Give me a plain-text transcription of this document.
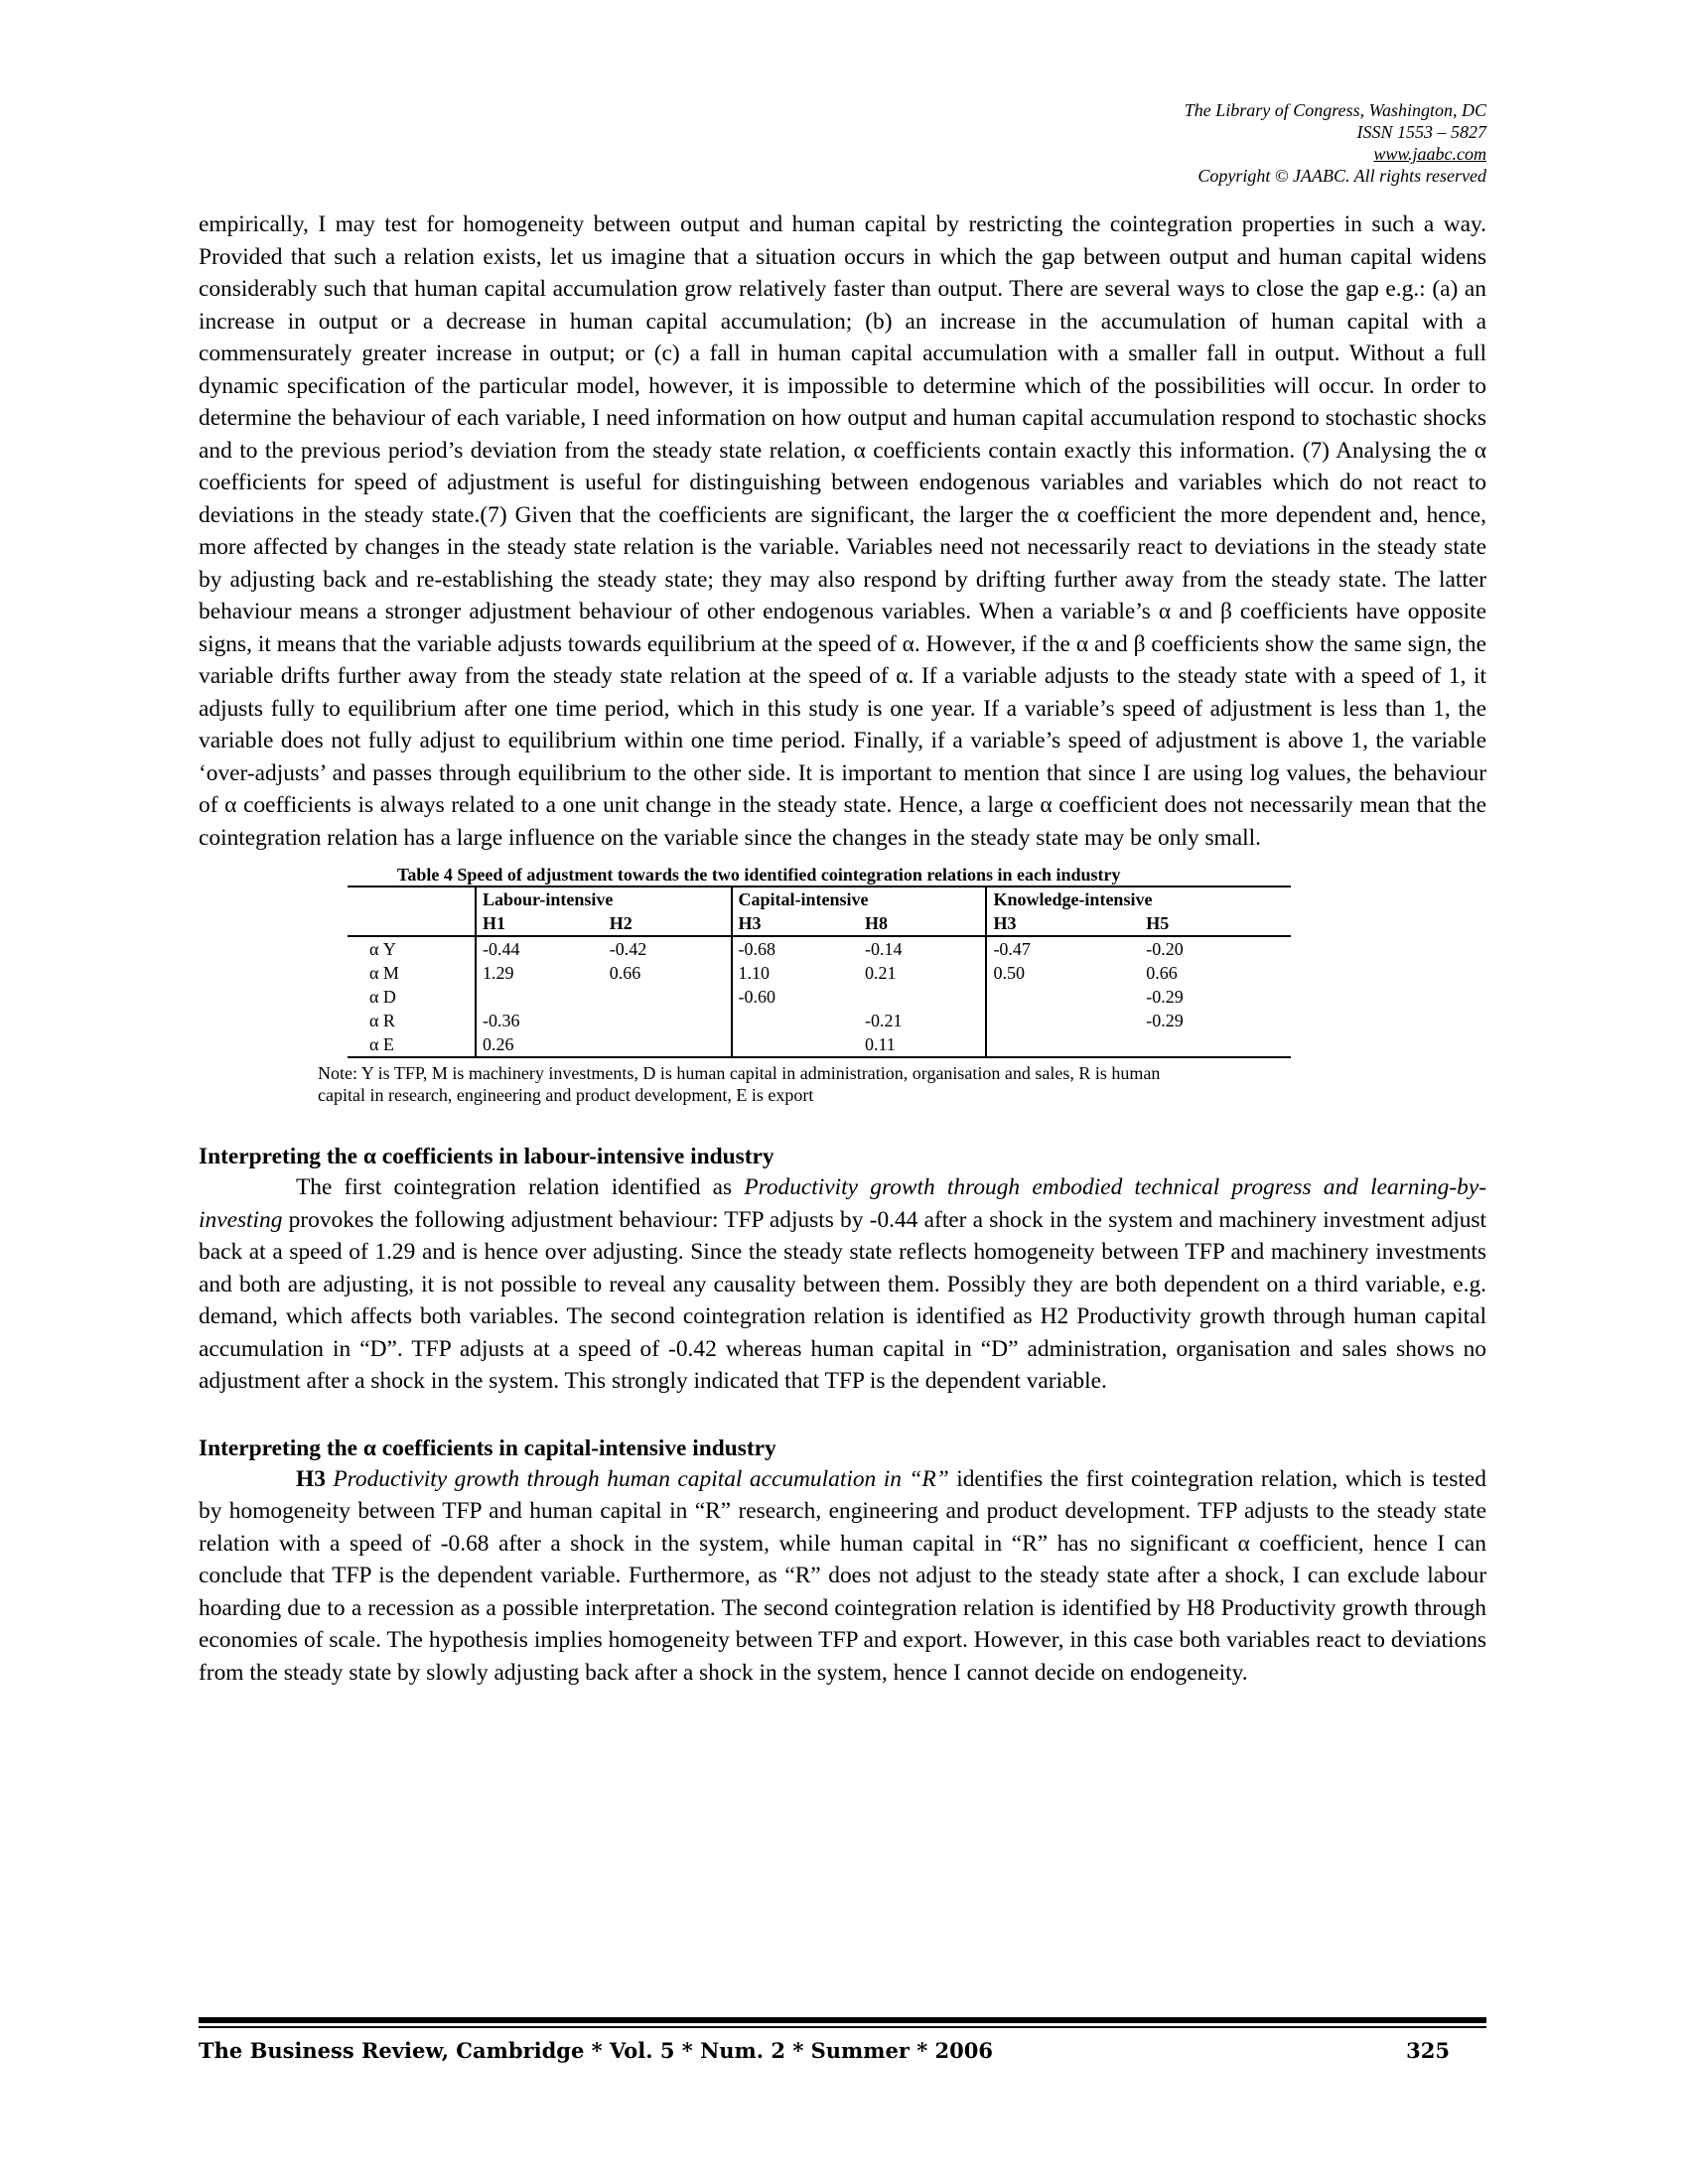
The Library of Congress, Washington, DC
ISSN 1553 – 5827
www.jaabc.com
Copyright © JAABC. All rights reserved

empirically, I may test for homogeneity between output and human capital by restricting the cointegration properties in such a way. Provided that such a relation exists, let us imagine that a situation occurs in which the gap between output and human capital widens considerably such that human capital accumulation grow relatively faster than output. There are several ways to close the gap e.g.: (a) an increase in output or a decrease in human capital accumulation; (b) an increase in the accumulation of human capital with a commensurately greater increase in output; or (c) a fall in human capital accumulation with a smaller fall in output. Without a full dynamic specification of the particular model, however, it is impossible to determine which of the possibilities will occur. In order to determine the behaviour of each variable, I need information on how output and human capital accumulation respond to stochastic shocks and to the previous period’s deviation from the steady state relation, α coefficients contain exactly this information. (7) Analysing the α coefficients for speed of adjustment is useful for distinguishing between endogenous variables and variables which do not react to deviations in the steady state.(7) Given that the coefficients are significant, the larger the α coefficient the more dependent and, hence, more affected by changes in the steady state relation is the variable. Variables need not necessarily react to deviations in the steady state by adjusting back and re-establishing the steady state; they may also respond by drifting further away from the steady state. The latter behaviour means a stronger adjustment behaviour of other endogenous variables. When a variable’s α and β coefficients have opposite signs, it means that the variable adjusts towards equilibrium at the speed of α. However, if the α and β coefficients show the same sign, the variable drifts further away from the steady state relation at the speed of α. If a variable adjusts to the steady state with a speed of 1, it adjusts fully to equilibrium after one time period, which in this study is one year. If a variable’s speed of adjustment is less than 1, the variable does not fully adjust to equilibrium within one time period. Finally, if a variable’s speed of adjustment is above 1, the variable ‘over-adjusts’ and passes through equilibrium to the other side. It is important to mention that since I are using log values, the behaviour of α coefficients is always related to a one unit change in the steady state. Hence, a large α coefficient does not necessarily mean that the cointegration relation has a large influence on the variable since the changes in the steady state may be only small.

Table 4 Speed of adjustment towards the two identified cointegration relations in each industry
	Labour-intensive		Capital-intensive		Knowledge-intensive	
	H1	H2	H3	H8	H3	H5
α Y	-0.44	-0.42	-0.68	-0.14	-0.47	-0.20
α M	1.29	0.66	1.10	0.21	0.50	0.66
α D			-0.60			-0.29
α R	-0.36			-0.21		-0.29
α E	0.26			0.11		
Note: Y is TFP, M is machinery investments, D is human capital in administration, organisation and sales, R is human
capital in research, engineering and product development, E is export
Interpreting the α coefficients in labour-intensive industry

The first cointegration relation identified as Productivity growth through embodied technical progress and learning-by-investing provokes the following adjustment behaviour: TFP adjusts by -0.44 after a shock in the system and machinery investment adjust back at a speed of 1.29 and is hence over adjusting. Since the steady state reflects homogeneity between TFP and machinery investments and both are adjusting, it is not possible to reveal any causality between them. Possibly they are both dependent on a third variable, e.g. demand, which affects both variables. The second cointegration relation is identified as H2 Productivity growth through human capital accumulation in “D”. TFP adjusts at a speed of -0.42 whereas human capital in “D” administration, organisation and sales shows no adjustment after a shock in the system. This strongly indicated that TFP is the dependent variable.

Interpreting the α coefficients in capital-intensive industry

H3 Productivity growth through human capital accumulation in “R” identifies the first cointegration relation, which is tested by homogeneity between TFP and human capital in “R” research, engineering and product development. TFP adjusts to the steady state relation with a speed of -0.68 after a shock in the system, while human capital in “R” has no significant α coefficient, hence I can conclude that TFP is the dependent variable. Furthermore, as “R” does not adjust to the steady state after a shock, I can exclude labour hoarding due to a recession as a possible interpretation. The second cointegration relation is identified by H8 Productivity growth through economies of scale. The hypothesis implies homogeneity between TFP and export. However, in this case both variables react to deviations from the steady state by slowly adjusting back after a shock in the system, hence I cannot decide on endogeneity.

The Business Review, Cambridge * Vol. 5 * Num. 2 * Summer * 2006	325
